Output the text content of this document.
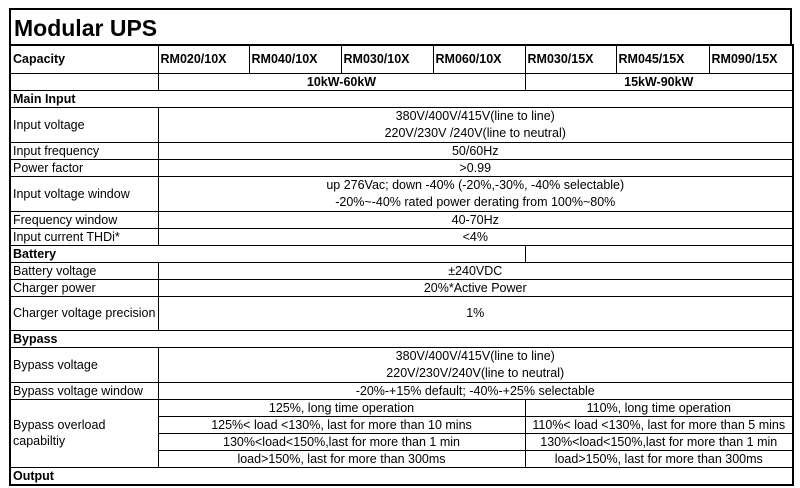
Modular UPS
Capacity	RM020/10X	RM040/10X	RM030/10X	RM060/10X	RM030/15X	RM045/15X	RM090/15X
	10kW-60kW				15kW-90kW		
Main Input							
Input voltage	380V/400V/415V(line to line)
220V/230V /240V(line to neutral)						

Input frequency	50/60Hz						
Power factor	>0.99						
Input voltage window	up 276Vac; down -40% (-20%,-30%, -40% selectable)
-20%~-40% rated power derating from 100%~80%						

Frequency window	40-70Hz						
Input current THDi*	<4%						
Battery							
Battery voltage	±240VDC						
Charger power	20%*Active Power						
Charger voltage precision	1%						
Bypass							
Bypass voltage	380V/400V/415V(line to line)
220V/230V/240V(line to neutral)						

Bypass voltage window	-20%-+15% default; -40%-+25% selectable						
Bypass overload capabiltiy	125%, long time operation				110%, long time operation		
	125%< load <130%, last for more than 10 mins				110%< load <130%, last for more than 5 mins		
	130%<load<150%,last for more than 1 min				130%<load<150%,last for more than 1 min		
	load>150%, last for more than 300ms				load>150%, last for more than 300ms		
Output							
